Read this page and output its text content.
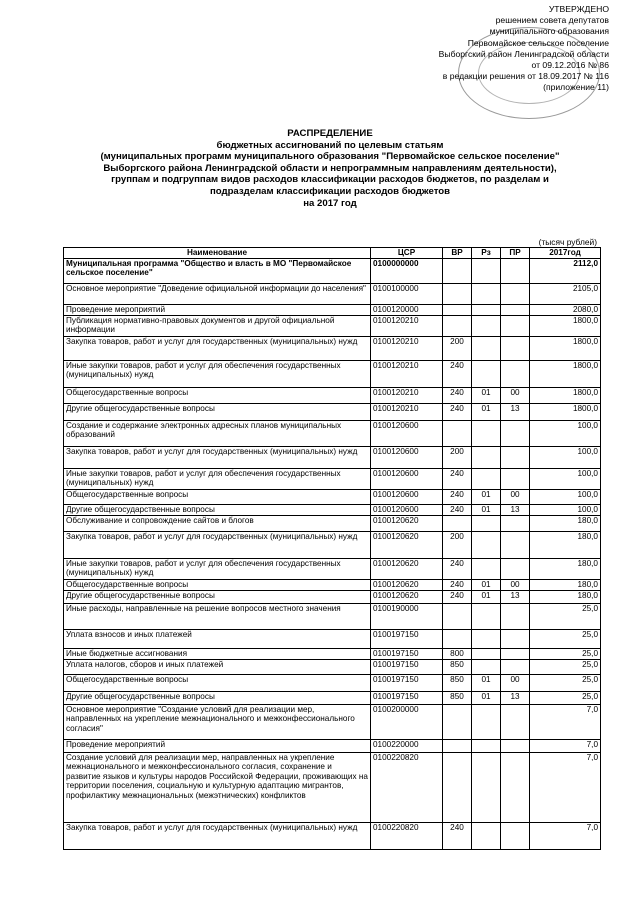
УТВЕРЖДЕНО
решением совета депутатов
муниципального образования
Первомайское сельское поселение
Выборгский район Ленинградской области
от 09.12.2016 № 86
в редакции решения от 18.09.2017 № 116
(приложение 11)
РАСПРЕДЕЛЕНИЕ
бюджетных ассигнований по целевым статьям
(муниципальных программ муниципального образования "Первомайское сельское поселение"
Выборгского района Ленинградской области и непрограммным направлениям деятельности),
группам и подгруппам видов расходов классификации расходов бюджетов, по разделам и
подразделам классификации расходов бюджетов
на 2017 год
(тысяч рублей)
Наименование	ЦСР	ВР	Рз	ПР	2017год
Муниципальная программа "Общество и власть в МО "Первомайское сельское поселение"	0100000000				2112,0
Основное мероприятие "Доведение официальной информации до населения"	0100100000				2105,0
Проведение мероприятий	0100120000				2080,0
Публикация нормативно-правовых документов и другой официальной информации	0100120210				1800,0
Закупка товаров, работ и услуг для государственных (муниципальных) нужд	0100120210	200			1800,0
Иные закупки товаров, работ и услуг для обеспечения государственных (муниципальных) нужд	0100120210	240			1800,0
Общегосударственные вопросы	0100120210	240	01	00	1800,0
Другие общегосударственные вопросы	0100120210	240	01	13	1800,0
Создание и содержание электронных адресных планов муниципальных образований	0100120600				100,0
Закупка товаров, работ и услуг для государственных (муниципальных) нужд	0100120600	200			100,0
Иные закупки товаров, работ и услуг для обеспечения государственных (муниципальных) нужд	0100120600	240			100,0
Общегосударственные вопросы	0100120600	240	01	00	100,0
Другие общегосударственные вопросы	0100120600	240	01	13	100,0
Обслуживание и сопровождение сайтов и блогов	0100120620				180,0
Закупка товаров, работ и услуг для государственных (муниципальных) нужд	0100120620	200			180,0
Иные закупки товаров, работ и услуг для обеспечения государственных (муниципальных) нужд	0100120620	240			180,0
Общегосударственные вопросы	0100120620	240	01	00	180,0
Другие общегосударственные вопросы	0100120620	240	01	13	180,0
Иные расходы, направленные на решение вопросов местного значения	0100190000				25,0
Уплата взносов и иных платежей	0100197150				25,0
Иные бюджетные ассигнования	0100197150	800			25,0
Уплата налогов, сборов и иных платежей	0100197150	850			25,0
Общегосударственные вопросы	0100197150	850	01	00	25,0
Другие общегосударственные вопросы	0100197150	850	01	13	25,0
Основное мероприятие "Создание условий для реализации мер, направленных на укрепление межнационального и межконфессионального согласия"	0100200000				7,0
Проведение мероприятий	0100220000				7,0
Создание условий для реализации мер, направленных на укрепление межнационального и межконфессионального согласия, сохранение и развитие языков и культуры народов Российской Федерации, проживающих на территории поселения, социальную и культурную адаптацию мигрантов, профилактику межнациональных (межэтнических) конфликтов	0100220820				7,0
Закупка товаров, работ и услуг для государственных (муниципальных) нужд	0100220820	240			7,0
